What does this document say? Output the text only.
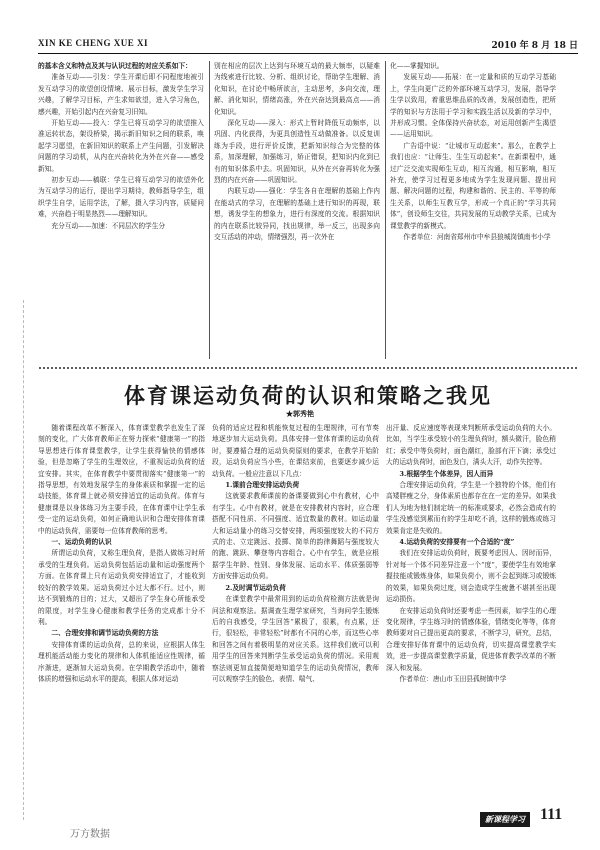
XIN KE CHENG XUE XI	2010 年 8 月 18 日

的基本含义和特点及其与认识过程的对应关系如下：

准备互动——引发：学生开课后即不同程度地被引发互动学习的欲望创设情境、展示目标，激发学生学习兴趣，了解学习目标，产生求知欲望，进入学习角色，感兴趣，开始引起内在兴奋复习旧知。

开始互动——投入：学生已将互动学习的欲望推入准运转状态，架设桥梁，揭示新旧知识之间的联系，唤起学习愿望，在新旧知识的联系上产生问题，引发解决问题的学习动机，从内在兴奋转化为外在兴奋——感受新知。

初步互动——稿联：学生已将互动学习的欲望外化为互动学习的运行，提出学习期待，教师指导学生，组织学生自学，运用学法，了解，摄入学习内容，质疑问难，兴奋趋于明显热烈——理解知识。

充分互动——加速：不同层次的学生分

别在相应的层次上达到与环境互动的最大频率，以疑难为线索进行比较、分析、组织讨论，帮助学生理解、消化知识，在讨论中畅所欲言，主动思考，多向交流，理解、消化知识，情绪高涨，外在兴奋达到最高点——消化知识。

深化互动——深入：形式上暂时降低互动频率，以巩固、内化获得，为更具创造性互动做准备。以反复训练为手段，进行评价反馈，把新知识综合为完整的体系，加深理解，加强练习，矫正错误，把知识内化到已有的知识体系中去。巩固知识，从外在兴奋再转化为强烈的内在兴奋——巩固知识。

内联互动——强化：学生各自在理解的基础上作内在能动式的学习，在理解的基础上进行知识的再现，联想，诱发学生的想象力，进行有深度的交流。根据知识的内在联系比较异同，找出规律，举一反三，出现多向交互活动的冲动，情绪强烈，再一次外在

化——掌握知识。

发展互动——拓展：在一定量和质的互动学习基础上，学生向更广泛的外部环境互动学习，发展，指导学生学以致用，着重思维品质的改善，发展创造性，把所学的知识与方法用于学习和实践生活以及新的学习中，并形成习惯。全体保持兴奋状态，对运用创新产生渴望——运用知识。

广告语中说：“让城市互动起来”。那么，在教学上我们也应：“让师生、生生互动起来”。在新课程中，通过广泛交流实现师生互动，相互沟通，相互影响，相互补充，使学习过程更多地成为学生发现问题、提出问题、解决问题的过程，构建和谐的、民主的、平等的师生关系，以师生互教互学，形成一个真正的“学习共同体”，创设师生交往，共同发展的互动教学关系，已成为课堂教学的新模式。

作者单位：河南省郑州市中牟县狼城岗镇南韦小学

体育课运动负荷的认识和策略之我见
★郭秀艳

随着课程改革不断深入，体育课堂教学也发生了深刻的变化，广大体育教师正在努力探索“健康第一”的指导思想进行体育课堂教学，让学生获得愉快的情感体验，但是忽略了学生的生理效应，不重视运动负荷的适宜安排。其实，在体育教学中要贯彻落实“健康第一”的指导思想，有效地发展学生的身体素质和掌握一定的运动技能，体育课上就必须安排适宜的运动负荷。体育与健康课是以身体练习为主要手段，在体育课中让学生承受一定的运动负荷，如何正确地认识和合理安排体育课中的运动负荷，需要每一位体育教师的思考。

一、运动负荷的认识

所谓运动负荷，又称生理负荷，是指人做练习时所承受的生理负荷。运动负荷包括运动量和运动强度两个方面。在体育课上只有运动负荷安排适宜了，才能收到较好的教学效果。运动负荷过小过大都不行。过小，则达不到锻炼的目的；过大，又超出了学生身心所能承受的限度，对学生身心健康和教学任务的完成都十分不利。

二、合理安排和调节运动负荷的方法

安排体育课的运动负荷，总的来说，应根据人体生理机能活动能力变化的规律和人体机能适应性规律，循序渐进，逐渐加大运动负荷。在学期教学活动中，随着体质的增强和运动水平的提高，根据人体对运动

负荷的适应过程和机能恢复过程的生理规律，可有节奏地逐步加大运动负荷。具体安排一堂体育课的运动负荷时，要遵循合理的运动负荷原则的要求，在教学开始阶段，运动负荷应当小些，在课结束前，也要逐步减少运动负荷。一般应注意以下几点：

1.课前合理安排运动负荷

这就要求教师课前的备课要做到心中有教材，心中有学生。心中有教材，就是在安排教材内容时，应合理搭配不同性质、不同强度、适宜数量的教材。如运动量大和运动量小的练习交替安排，两项强度较大的不同方式的走、立定跳远、投掷、简单的韵律舞蹈与强度较大的跑、跳跃、攀登等内容组合。心中有学生，就是应根据学生年龄、性别、身体发展、运动水平、体质强弱等方面安排运动负荷。

2.及时调节运动负荷

在课堂教学中最常用到的运动负荷检测方法就是询问法和观察法。据调查生理学家研究，当询问学生锻炼后的自我感受，学生回答“累极了，很累，有点累，还行，很轻松，非常轻松”时都有不同的心率，而这些心率和回答之间有着极明显的对应关系。这样我们就可以利用学生的回答来判断学生承受运动负荷的情况。采用观察法则更加直接简便地知道学生的运动负荷情况，教师可以观察学生的脸色、表情、喘气、

出汗量、反应速度等表现来判断所承受运动负荷的大小。比如，当学生承受较小的生理负荷时，额头微汗，脸色稍红；承受中等负荷时，面色潮红，脸部有汗下滴；承受过大的运动负荷时，面色发白，满头大汗，动作失控等。

3.根据学生个体差异，因人而异

合理安排运动负荷，学生是一个独特的个体，他们有高矮胖瘦之分，身体素质也都存在在一定的差异。如果我们人为地为他们制定统一的标准或要求，必然会造成有的学生没感觉到累而有的学生却吃不消，这样的锻炼或练习效果肯定是失败的。

4.运动负荷的安排要有一个合适的“度”

我们在安排运动负荷时，既要考虑因人、因时而异，针对每一个体不同差异注意一个“度”，要使学生有效地掌握技能或锻炼身体，如果负荷小，则不会起到练习或锻炼的效果，如果负荷过度，则会造成学生疲惫不堪甚至出现运动损伤。

在安排运动负荷时还要考虑一些因素，如学生的心理变化规律，学生练习时的情感体验，情绪变化等等，体育教师要对自己提出更高的要求，不断学习，研究，总结，合理安排好体育课中的运动负荷，切实提高课堂教学实效，进一步提高课堂教学质量，促进体育教学改革的不断深入和发展。

作者单位：唐山市玉田县孤树镇中学

新课程学习 111
万方数据
